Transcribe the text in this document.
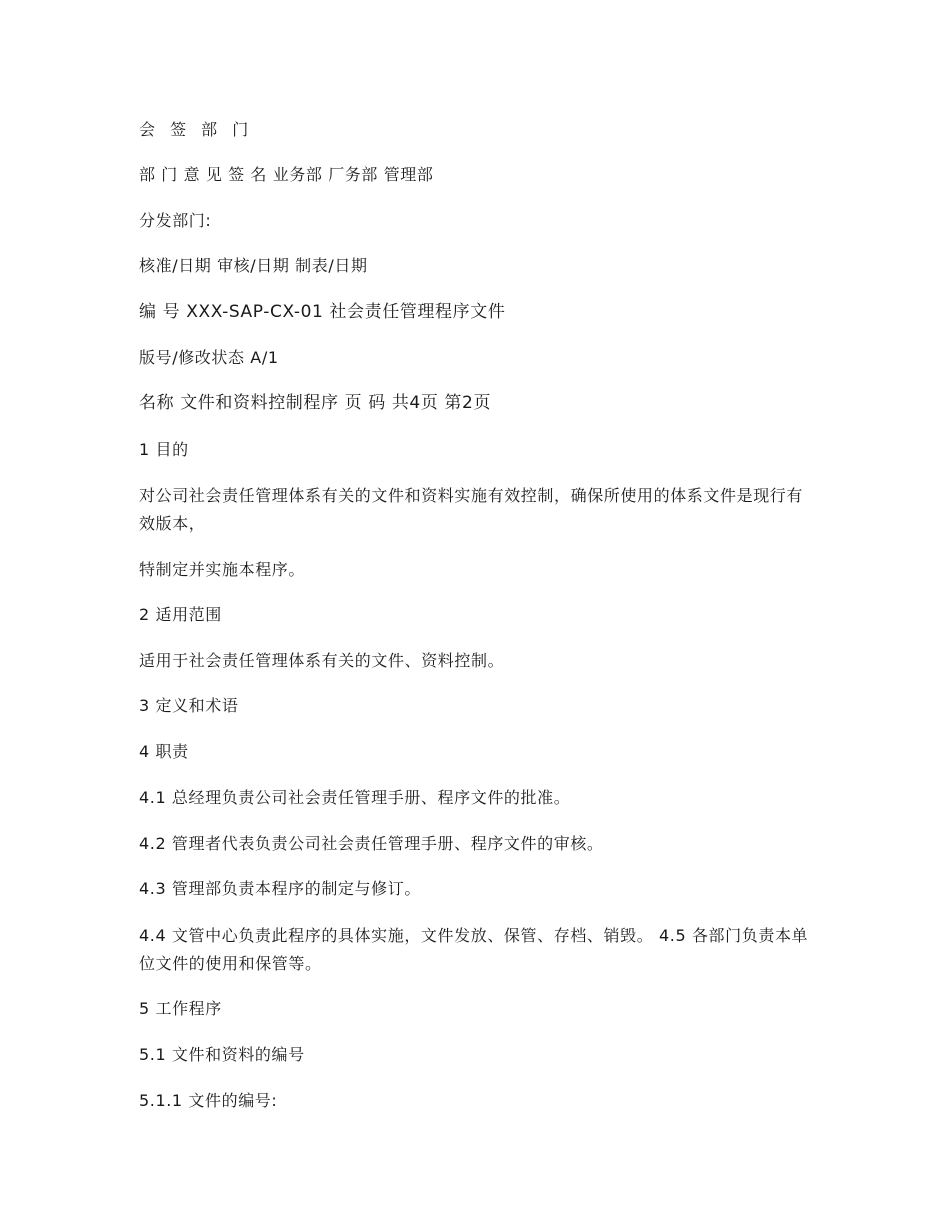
会 签 部 门
部 门 意 见 签 名 业务部 厂务部 管理部
分发部门:
核准/日期 审核/日期 制表/日期
编 号 XXX-SAP-CX-01 社会责任管理程序文件
版号/修改状态 A/1
名称 文件和资料控制程序 页 码 共4页 第2页
1 目的
对公司社会责任管理体系有关的文件和资料实施有效控制，确保所使用的体系文件是现行有效版本，
特制定并实施本程序。
2 适用范围
适用于社会责任管理体系有关的文件、资料控制。
3 定义和术语
4 职责
4.1 总经理负责公司社会责任管理手册、程序文件的批准。
4.2 管理者代表负责公司社会责任管理手册、程序文件的审核。
4.3 管理部负责本程序的制定与修订。
4.4 文管中心负责此程序的具体实施，文件发放、保管、存档、销毁。 4.5 各部门负责本单位文件的使用和保管等。
5 工作程序
5.1 文件和资料的编号
5.1.1 文件的编号:
